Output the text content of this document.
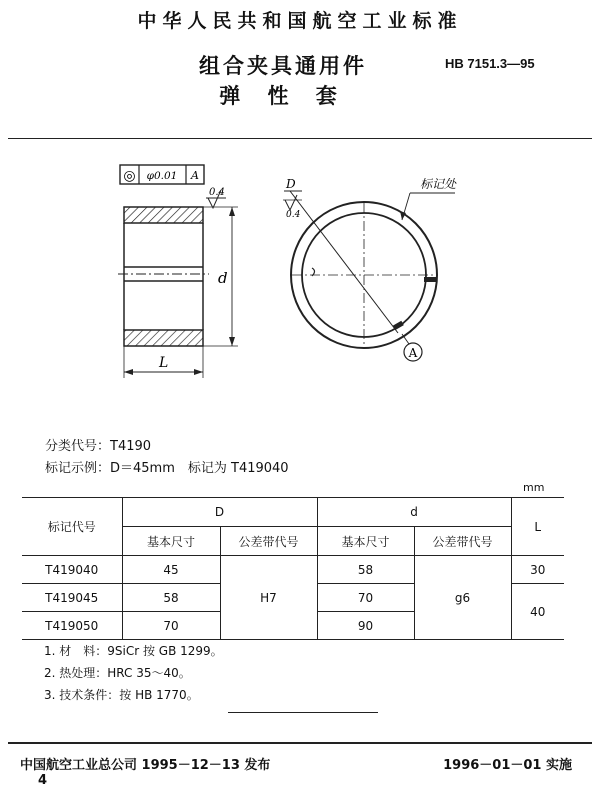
中华人民共和国航空工业标准
组合夹具通用件
弹 性 套
HB 7151.3—95
◎ φ0.01 A
d
L
0.4
D
0.4
标记处
A
分类代号：T4190
标记示例：D＝45mm　标记为 T419040
mm
标记代号	D		d		L
	基本尺寸	公差带代号	基本尺寸	公差带代号	
T419040	45	H7	58	g6	30
T419045	58		70		40
T419050	70		90		
1. 材　料：9SiCr 按 GB 1299。
2. 热处理：HRC 35～40。
3. 技术条件：按 HB 1770。
中国航空工业总公司 1995－12－13 发布	1996－01－01 实施
4
